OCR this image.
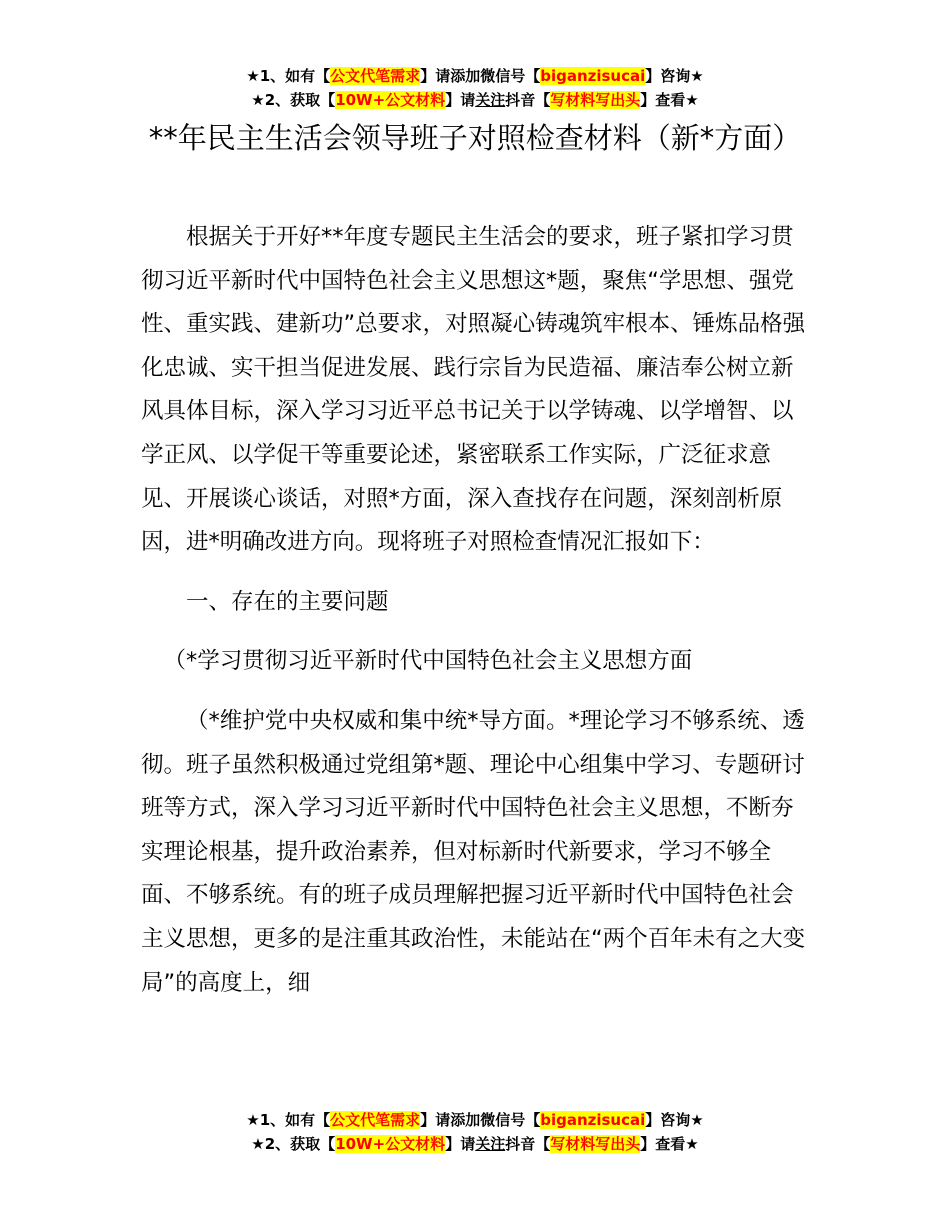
★1、如有【公文代笔需求】请添加微信号【biganzisucai】咨询★
★2、获取【10W+公文材料】请关注抖音【写材料写出头】查看★
**年民主生活会领导班子对照检查材料（新*方面）

根据关于开好**年度专题民主生活会的要求，班子紧扣学习贯彻习近平新时代中国特色社会主义思想这*题，聚焦“学思想、强党性、重实践、建新功”总要求，对照凝心铸魂筑牢根本、锤炼品格强化忠诚、实干担当促进发展、践行宗旨为民造福、廉洁奉公树立新风具体目标，深入学习习近平总书记关于以学铸魂、以学增智、以学正风、以学促干等重要论述，紧密联系工作实际，广泛征求意见、开展谈心谈话，对照*方面，深入查找存在问题，深刻剖析原因，进*明确改进方向。现将班子对照检查情况汇报如下：

一、存在的主要问题

（*学习贯彻习近平新时代中国特色社会主义思想方面

（*维护党中央权威和集中统*导方面。*理论学习不够系统、透彻。班子虽然积极通过党组第*题、理论中心组集中学习、专题研讨班等方式，深入学习习近平新时代中国特色社会主义思想，不断夯实理论根基，提升政治素养，但对标新时代新要求，学习不够全面、不够系统。有的班子成员理解把握习近平新时代中国特色社会主义思想，更多的是注重其政治性，未能站在“两个百年未有之大变局”的高度上，细

★1、如有【公文代笔需求】请添加微信号【biganzisucai】咨询★
★2、获取【10W+公文材料】请关注抖音【写材料写出头】查看★
